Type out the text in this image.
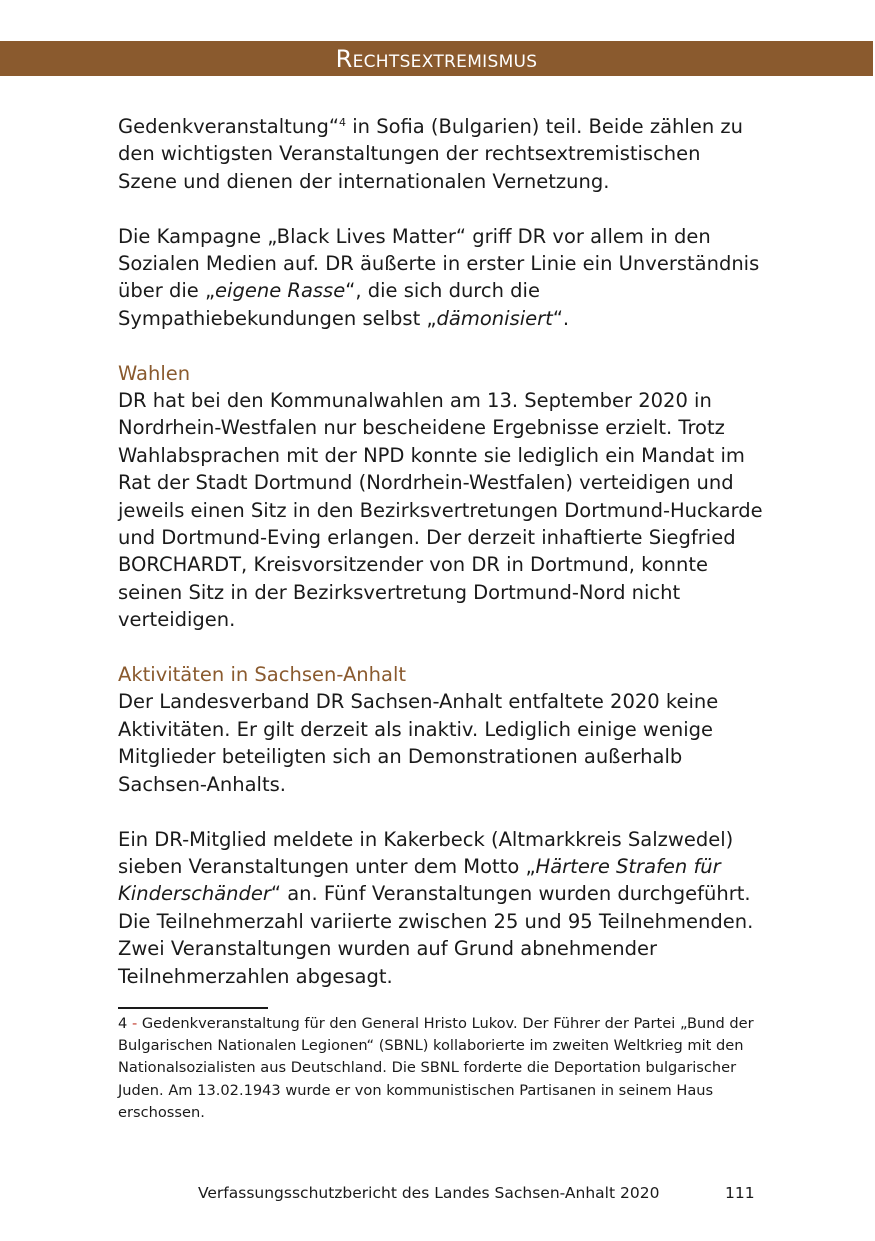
Rechtsextremismus

Gedenkveranstaltung“$^4$ in Sofia (Bulgarien) teil. Beide zählen zu den wichtigsten Veranstaltungen der rechtsextremistischen Szene und dienen der internationalen Vernetzung.

Die Kampagne „Black Lives Matter“ griff DR vor allem in den Sozialen Medien auf. DR äußerte in erster Linie ein Unverständnis über die „eigene Rasse“, die sich durch die Sympathiebekundungen selbst „dämonisiert“.

Wahlen

DR hat bei den Kommunalwahlen am 13. September 2020 in Nordrhein-Westfalen nur bescheidene Ergebnisse erzielt. Trotz Wahlabsprachen mit der NPD konnte sie lediglich ein Mandat im Rat der Stadt Dortmund (Nordrhein-Westfalen) verteidigen und jeweils einen Sitz in den Bezirksvertretungen Dortmund-Huckarde und Dortmund-Eving erlangen. Der derzeit inhaftierte Siegfried BORCHARDT, Kreisvorsitzender von DR in Dortmund, konnte seinen Sitz in der Bezirksvertretung Dortmund-Nord nicht verteidigen.

Aktivitäten in Sachsen-Anhalt

Der Landesverband DR Sachsen-Anhalt entfaltete 2020 keine Aktivitäten. Er gilt derzeit als inaktiv. Lediglich einige wenige Mitglieder beteiligten sich an Demonstrationen außerhalb Sachsen-Anhalts.

Ein DR-Mitglied meldete in Kakerbeck (Altmarkkreis Salzwedel) sieben Veranstaltungen unter dem Motto „Härtere Strafen für Kinderschänder“ an. Fünf Veranstaltungen wurden durchgeführt. Die Teilnehmerzahl variierte zwischen 25 und 95 Teilnehmenden. Zwei Veranstaltungen wurden auf Grund abnehmender Teilnehmerzahlen abgesagt.

4 - Gedenkveranstaltung für den General Hristo Lukov. Der Führer der Partei „Bund der Bulgarischen Nationalen Legionen“ (SBNL) kollaborierte im zweiten Weltkrieg mit den Nationalsozialisten aus Deutschland. Die SBNL forderte die Deportation bulgarischer Juden. Am 13.02.1943 wurde er von kommunistischen Partisanen in seinem Haus erschossen.

Verfassungsschutzbericht des Landes Sachsen-Anhalt 2020	111
